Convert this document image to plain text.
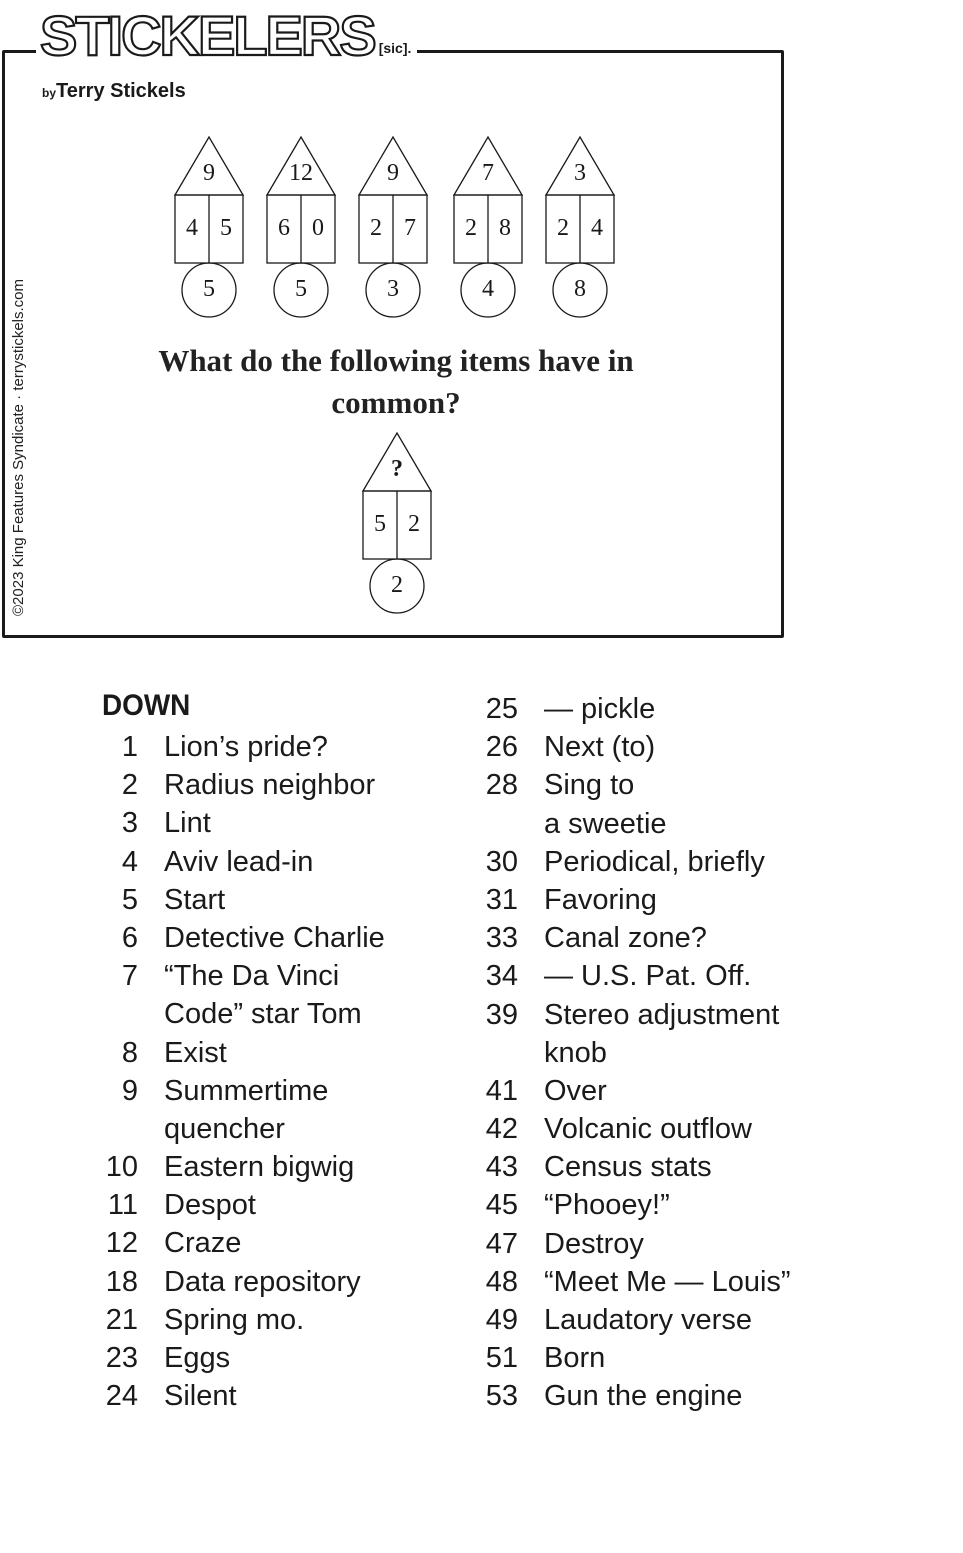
STICKELERS [sic].
byTerry Stickels
©2023 King Features Syndicate · terrystickels.com
9
4 5
5
12
6 0
5
9
2 7
3
7
2 8
4
3
2 4
8
?
5 2
2
What do the following items have in common?
DOWN
1 Lion’s pride?
2 Radius neighbor
3 Lint
4 Aviv lead-in
5 Start
6 Detective Charlie
7 “The Da Vinci
Code” star Tom
8 Exist
9 Summertime
quencher
10 Eastern bigwig
11 Despot
12 Craze
18 Data repository
21 Spring mo.
23 Eggs
24 Silent
25 — pickle
26 Next (to)
28 Sing to
a sweetie
30 Periodical, briefly
31 Favoring
33 Canal zone?
34 — U.S. Pat. Off.
39 Stereo adjustment
knob
41 Over
42 Volcanic outflow
43 Census stats
45 “Phooey!”
47 Destroy
48 “Meet Me — Louis”
49 Laudatory verse
51 Born
53 Gun the engine
